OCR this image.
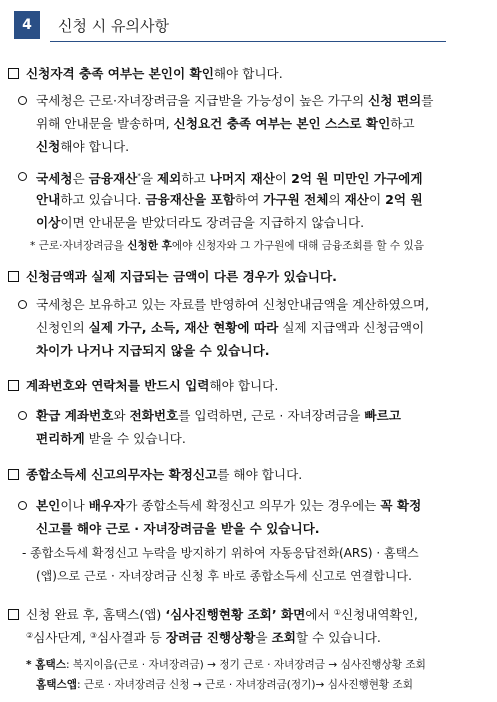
4	신청 시 유의사항
신청자격 충족 여부는 본인이 확인해야 합니다.
국세청은 근로·자녀장려금을 지급받을 가능성이 높은 가구의 신청 편의를
위해 안내문을 발송하며, 신청요건 충족 여부는 본인 스스로 확인하고
신청해야 합니다.
국세청은 금융재산*을 제외하고 나머지 재산이 2억 원 미만인 가구에게
안내하고 있습니다. 금융재산을 포함하여 가구원 전체의 재산이 2억 원
이상이면 안내문을 받았더라도 장려금을 지급하지 않습니다.
* 근로·자녀장려금을 신청한 후에야 신청자와 그 가구원에 대해 금융조회를 할 수 있음
신청금액과 실제 지급되는 금액이 다른 경우가 있습니다.
국세청은 보유하고 있는 자료를 반영하여 신청안내금액을 계산하였으며,
신청인의 실제 가구, 소득, 재산 현황에 따라 실제 지급액과 신청금액이
차이가 나거나 지급되지 않을 수 있습니다.
계좌번호와 연락처를 반드시 입력해야 합니다.
환급 계좌번호와 전화번호를 입력하면, 근로 · 자녀장려금을 빠르고
편리하게 받을 수 있습니다.
종합소득세 신고의무자는 확정신고를 해야 합니다.
본인이나 배우자가 종합소득세 확정신고 의무가 있는 경우에는 꼭 확정
신고를 해야 근로 · 자녀장려금을 받을 수 있습니다.
- 종합소득세 확정신고 누락을 방지하기 위하여 자동응답전화(ARS) · 홈택스
(앱)으로 근로 · 자녀장려금 신청 후 바로 종합소득세 신고로 연결합니다.
신청 완료 후, 홈택스(앱) ‘심사진행현황 조회’ 화면에서 ①신청내역확인,
②심사단계, ③심사결과 등 장려금 진행상황을 조회할 수 있습니다.
* 홈택스: 복지이음(근로 · 자녀장려금) → 정기 근로 · 자녀장려금 → 심사진행상황 조회
홈택스앱: 근로 · 자녀장려금 신청 → 근로 · 자녀장려금(정기)→ 심사진행현황 조회
